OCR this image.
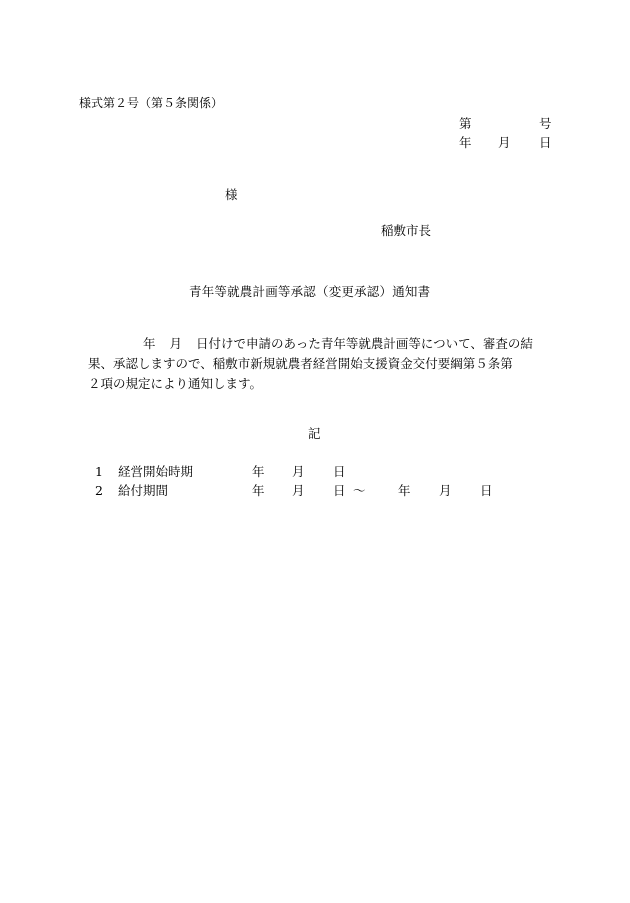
様式第２号（第５条関係）
第	号
年 月 日
様
稲敷市長
青年等就農計画等承認（変更承認）通知書
年 月 日付けで申請のあった青年等就農計画等について、審査の結
果、承認しますので、稲敷市新規就農者経営開始支援資金交付要綱第５条第
２項の規定により通知します。
記
1 経営開始時期	年 月 日
2 給付期間	年 月 日 ～	年 月 日
